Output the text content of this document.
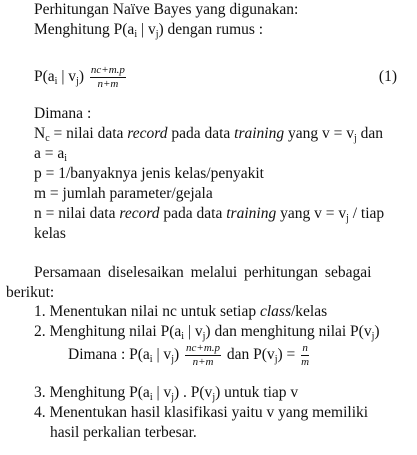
Perhitungan Naïve Bayes yang digunakan:
Menghitung $P(a_i$ | $v_j$) dengan rumus :
$P(a_i$ | $v_j) \frac{nc+m.p}{n+m}$	(1)
Dimana :
$N_c$ = nilai data record pada data training yang $v = v_j$ dan
$a = a_i$
p = 1/banyaknya jenis kelas/penyakit
m = jumlah parameter/gejala
n = nilai data record pada data training yang $v = v_j$ / tiap
kelas
Persamaan diselesaikan melalui perhitungan sebagai
berikut:
1. Menentukan nilai nc untuk setiap class/kelas
2. Menghitung nilai $P(a_i$ | $v_j$) dan menghitung nilai $P(v_j)$
Dimana : $P(a_i$ | $v_j) \frac{nc+m.p}{n+m}$ dan $P(v_j) = \frac{n}{m}$
3. Menghitung $P(a_i$ | $v_j$) . $P(v_j)$ untuk tiap v
4. Menentukan hasil klasifikasi yaitu v yang memiliki
hasil perkalian terbesar.
